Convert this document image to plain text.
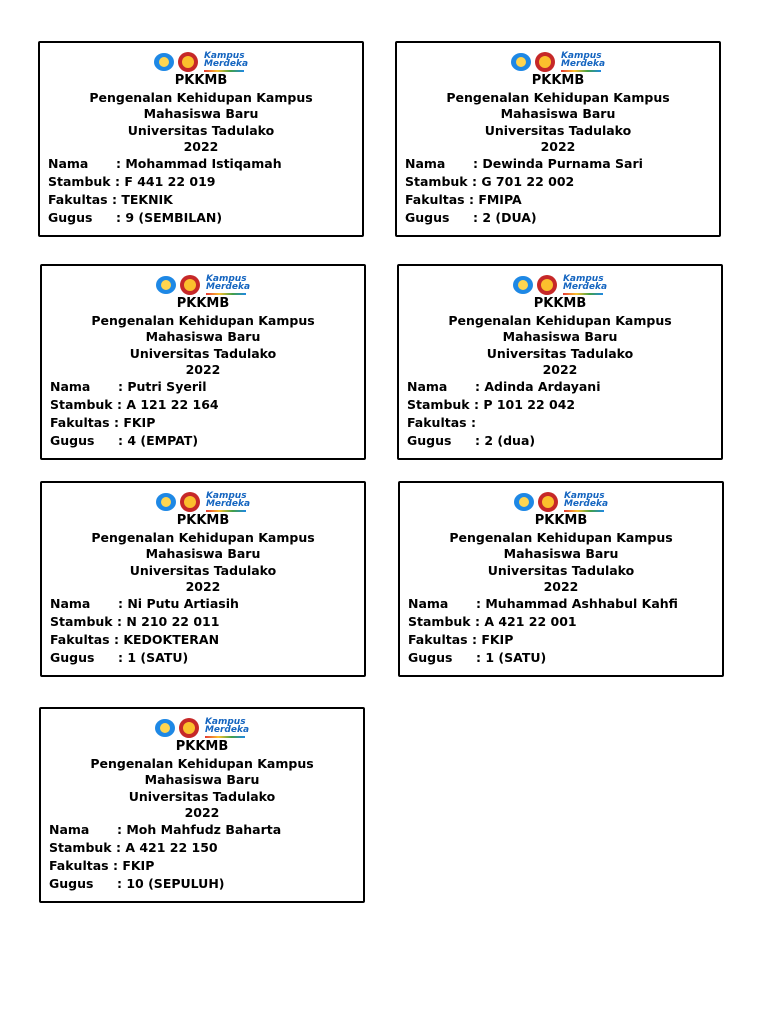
Kampus
Merdeka
PKKMB
Pengenalan Kehidupan Kampus
Mahasiswa Baru
Universitas Tadulako
2022
Nama	: Mohammad Istiqamah
Stambuk :
F 441 22 019
Fakultas :
TEKNIK
Gugus	: 9 (SEMBILAN)
Kampus
Merdeka
PKKMB
Pengenalan Kehidupan Kampus
Mahasiswa Baru
Universitas Tadulako
2022
Nama	: Dewinda Purnama Sari
Stambuk :
G 701 22 002
Fakultas :
FMIPA
Gugus	: 2 (DUA)
Kampus
Merdeka
PKKMB
Pengenalan Kehidupan Kampus
Mahasiswa Baru
Universitas Tadulako
2022
Nama	: Putri Syeril
Stambuk :
A 121 22 164
Fakultas :
FKIP
Gugus	: 4 (EMPAT)
Kampus
Merdeka
PKKMB
Pengenalan Kehidupan Kampus
Mahasiswa Baru
Universitas Tadulako
2022
Nama	: Adinda Ardayani
Stambuk :
P 101 22 042
Fakultas :

Gugus	: 2 (dua)
Kampus
Merdeka
PKKMB
Pengenalan Kehidupan Kampus
Mahasiswa Baru
Universitas Tadulako
2022
Nama	: Ni Putu Artiasih
Stambuk :
N 210 22 011
Fakultas :
KEDOKTERAN
Gugus	: 1 (SATU)
Kampus
Merdeka
PKKMB
Pengenalan Kehidupan Kampus
Mahasiswa Baru
Universitas Tadulako
2022
Nama	: Muhammad Ashhabul Kahfi
Stambuk :
A 421 22 001
Fakultas :
FKIP
Gugus	: 1 (SATU)
Kampus
Merdeka
PKKMB
Pengenalan Kehidupan Kampus
Mahasiswa Baru
Universitas Tadulako
2022
Nama	: Moh Mahfudz Baharta
Stambuk :
A 421 22 150
Fakultas :
FKIP
Gugus	: 10 (SEPULUH)
